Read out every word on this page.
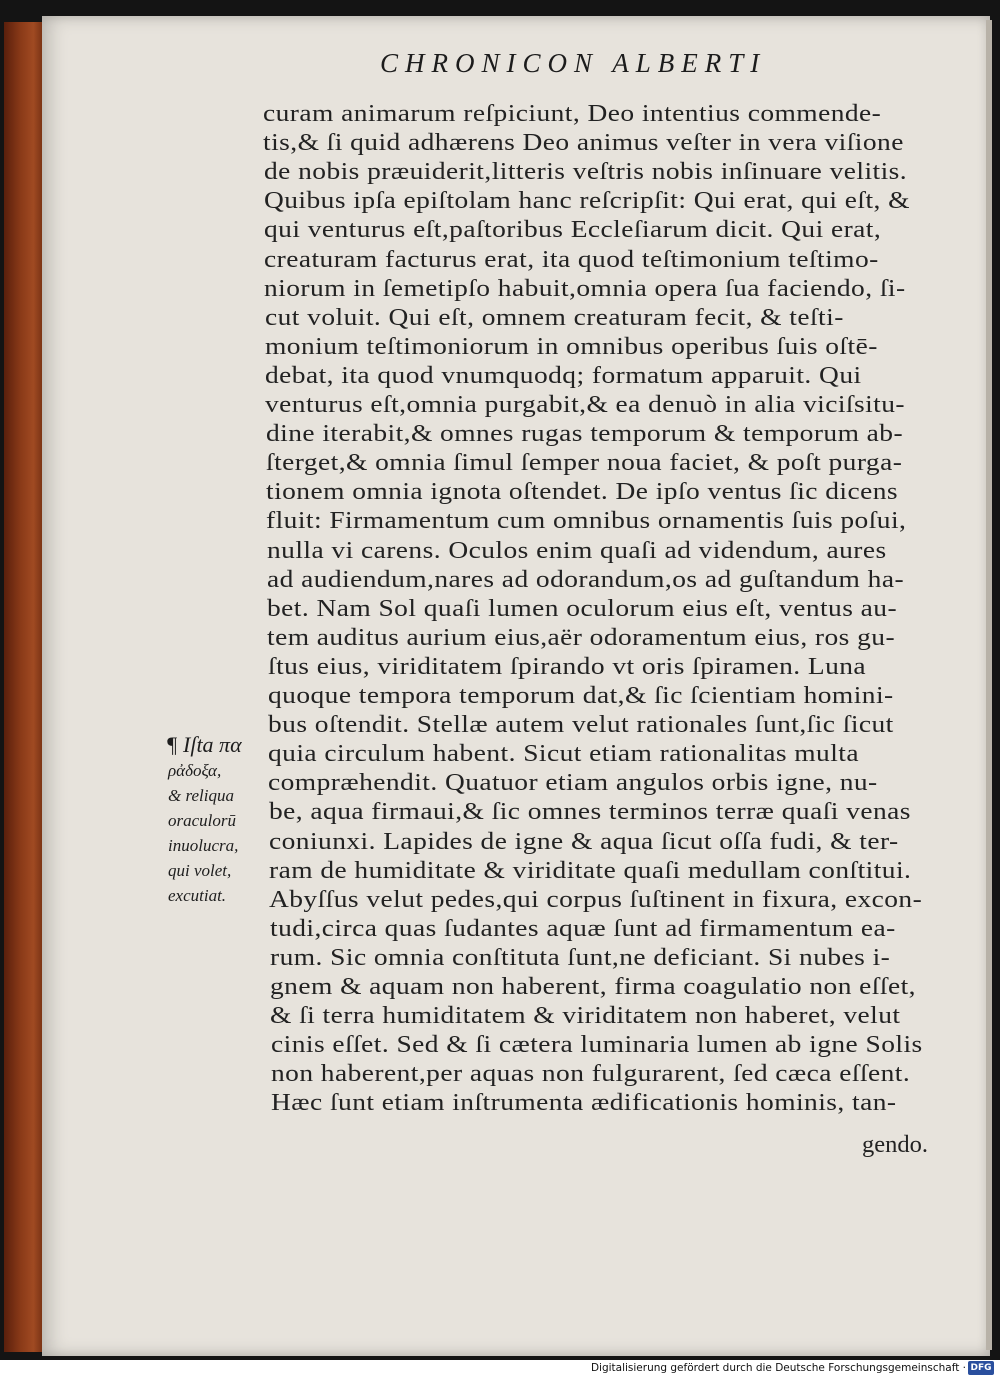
CHRONICON ALBERTI
curam animarum reſpiciunt, Deo intentius commende-
tis,& ſi quid adhærens Deo animus veſter in vera viſione
de nobis præuiderit,litteris veſtris nobis inſinuare velitis.
Quibus ipſa epiſtolam hanc reſcripſit: Qui erat, qui eſt, &
qui venturus eſt,paſtoribus Eccleſiarum dicit. Qui erat,
creaturam facturus erat, ita quod teſtimonium teſtimo-
niorum in ſemetipſo habuit,omnia opera ſua faciendo, ſi-
cut voluit. Qui eſt, omnem creaturam fecit, & teſti-
monium teſtimoniorum in omnibus operibus ſuis oſtē-
debat, ita quod vnumquodq; formatum apparuit. Qui
venturus eſt,omnia purgabit,& ea denuò in alia viciſsitu-
dine iterabit,& omnes rugas temporum & temporum ab-
ſterget,& omnia ſimul ſemper noua faciet, & poſt purga-
tionem omnia ignota oſtendet. De ipſo ventus ſic dicens
fluit: Firmamentum cum omnibus ornamentis ſuis poſui,
nulla vi carens. Oculos enim quaſi ad videndum, aures
ad audiendum,nares ad odorandum,os ad guſtandum ha-
bet. Nam Sol quaſi lumen oculorum eius eſt, ventus au-
tem auditus aurium eius,aër odoramentum eius, ros gu-
ſtus eius, viriditatem ſpirando vt oris ſpiramen. Luna
quoque tempora temporum dat,& ſic ſcientiam homini-
bus oſtendit. Stellæ autem velut rationales ſunt,ſic ſicut
quia circulum habent. Sicut etiam rationalitas multa
compræhendit. Quatuor etiam angulos orbis igne, nu-
be, aqua firmaui,& ſic omnes terminos terræ quaſi venas
coniunxi. Lapides de igne & aqua ſicut oſſa fudi, & ter-
ram de humiditate & viriditate quaſi medullam conſtitui.
Abyſſus velut pedes,qui corpus ſuſtinent in fixura, excon-
tudi,circa quas ſudantes aquæ ſunt ad firmamentum ea-
rum. Sic omnia conſtituta ſunt,ne deficiant. Si nubes i-
gnem & aquam non haberent, firma coagulatio non eſſet,
& ſi terra humiditatem & viriditatem non haberet, velut
cinis eſſet. Sed & ſi cætera luminaria lumen ab igne Solis
non haberent,per aquas non fulgurarent, ſed cæca eſſent.
Hæc ſunt etiam inſtrumenta ædificationis hominis, tan-
gendo.
¶ Iſta πα
ρἀδοξα,
& reliqua
oraculorū
inuolucra,
qui volet,
excutiat.
Digitalisierung gefördert durch die Deutsche Forschungsgemeinschaft · DFG
